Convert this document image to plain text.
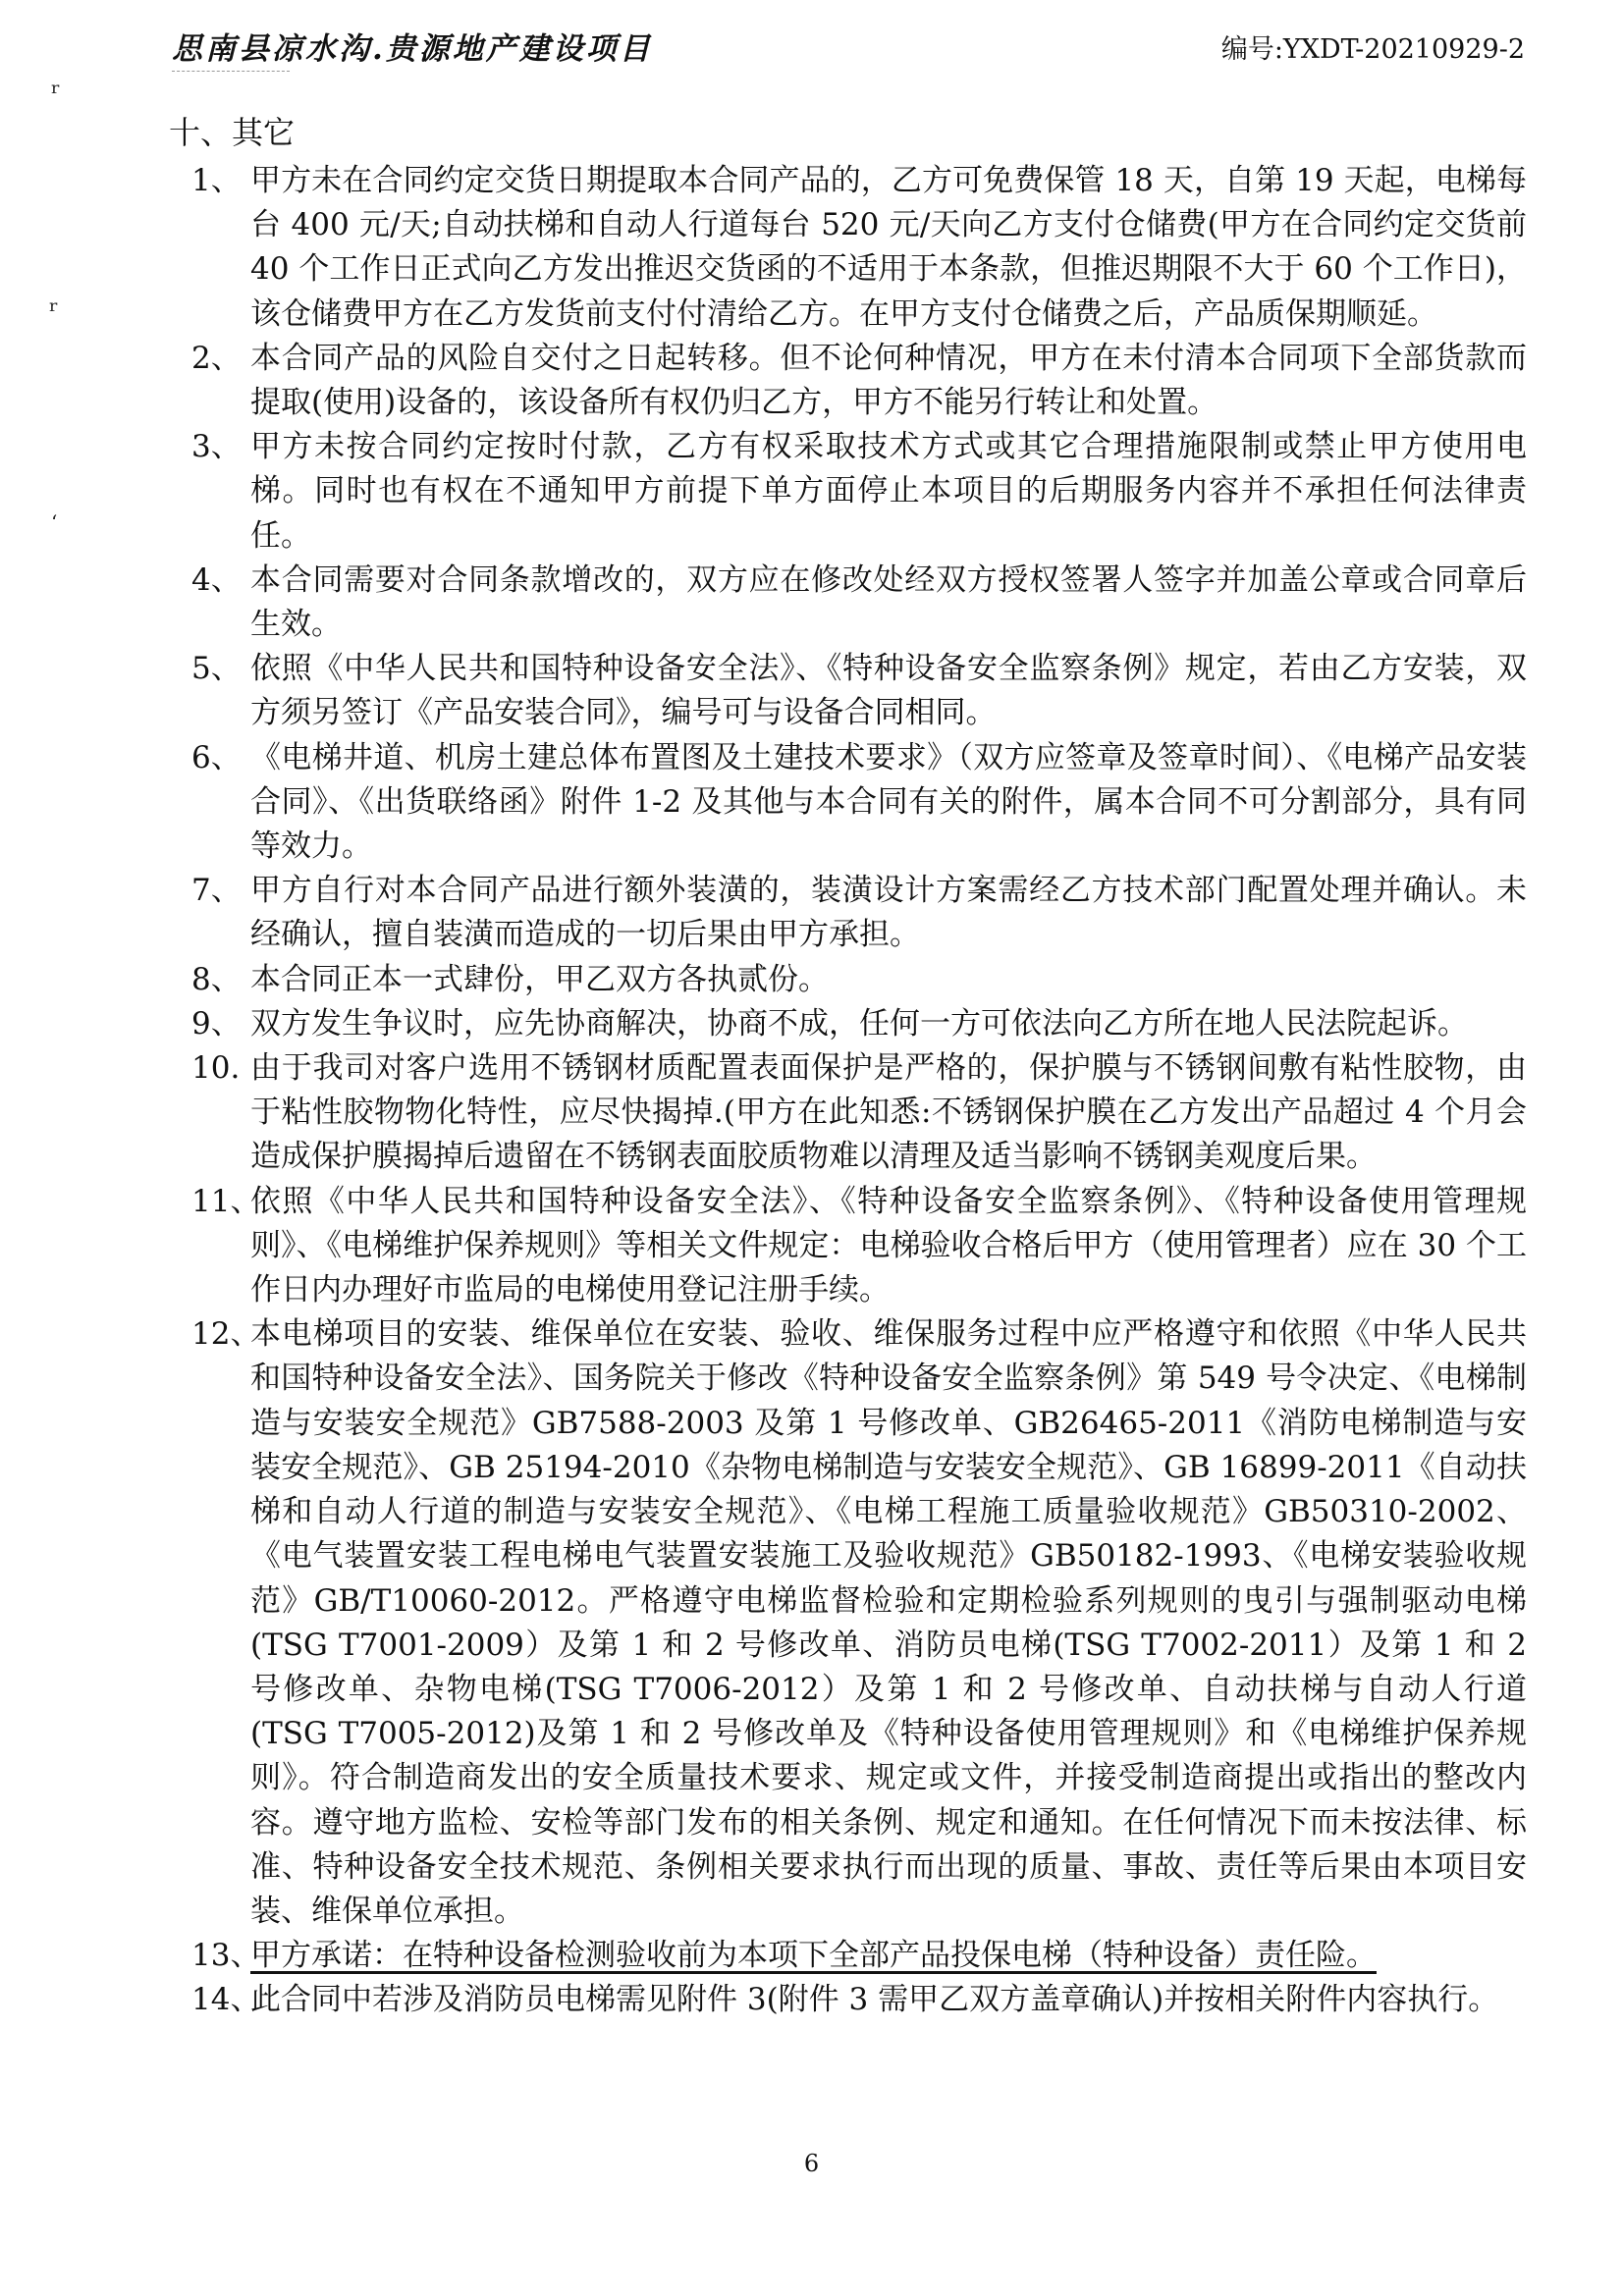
思南县凉水沟.贵源地产建设项目	编号:YXDT-20210929-2
ʳ
ʳ
ʻ
十、其它
1、 甲方未在合同约定交货日期提取本合同产品的，乙方可免费保管 18 天，自第 19 天起，电梯每台 400 元/天;自动扶梯和自动人行道每台 520 元/天向乙方支付仓储费(甲方在合同约定交货前 40 个工作日正式向乙方发出推迟交货函的不适用于本条款，但推迟期限不大于 60 个工作日)，该仓储费甲方在乙方发货前支付付清给乙方。在甲方支付仓储费之后，产品质保期顺延。
2、 本合同产品的风险自交付之日起转移。但不论何种情况，甲方在未付清本合同项下全部货款而提取(使用)设备的，该设备所有权仍归乙方，甲方不能另行转让和处置。
3、 甲方未按合同约定按时付款，乙方有权采取技术方式或其它合理措施限制或禁止甲方使用电梯。同时也有权在不通知甲方前提下单方面停止本项目的后期服务内容并不承担任何法律责任。
4、 本合同需要对合同条款增改的，双方应在修改处经双方授权签署人签字并加盖公章或合同章后生效。
5、 依照《中华人民共和国特种设备安全法》、《特种设备安全监察条例》规定，若由乙方安装，双方须另签订《产品安装合同》，编号可与设备合同相同。
6、 《电梯井道、机房土建总体布置图及土建技术要求》（双方应签章及签章时间）、《电梯产品安装合同》、《出货联络函》附件 1-2 及其他与本合同有关的附件，属本合同不可分割部分，具有同等效力。
7、 甲方自行对本合同产品进行额外装潢的，装潢设计方案需经乙方技术部门配置处理并确认。未经确认，擅自装潢而造成的一切后果由甲方承担。
8、 本合同正本一式肆份，甲乙双方各执贰份。
9、 双方发生争议时，应先协商解决，协商不成，任何一方可依法向乙方所在地人民法院起诉。
10. 由于我司对客户选用不锈钢材质配置表面保护是严格的，保护膜与不锈钢间敷有粘性胶物，由于粘性胶物物化特性，应尽快揭掉.(甲方在此知悉:不锈钢保护膜在乙方发出产品超过 4 个月会造成保护膜揭掉后遗留在不锈钢表面胶质物难以清理及适当影响不锈钢美观度后果。
11、
依照《中华人民共和国特种设备安全法》、《特种设备安全监察条例》、《特种设备使用管理规则》、《电梯维护保养规则》等相关文件规定：电梯验收合格后甲方（使用管理者）应在 30 个工作日内办理好市监局的电梯使用登记注册手续。
12、
本电梯项目的安装、维保单位在安装、验收、维保服务过程中应严格遵守和依照《中华人民共和国特种设备安全法》、国务院关于修改《特种设备安全监察条例》第 549 号令决定、《电梯制造与安装安全规范》GB7588-2003 及第 1 号修改单、GB26465-2011《消防电梯制造与安装安全规范》、GB 25194-2010《杂物电梯制造与安装安全规范》、GB 16899-2011《自动扶梯和自动人行道的制造与安装安全规范》、《电梯工程施工质量验收规范》GB50310-2002、《电气装置安装工程电梯电气装置安装施工及验收规范》GB50182-1993、《电梯安装验收规范》GB/T10060-2012。严格遵守电梯监督检验和定期检验系列规则的曳引与强制驱动电梯(TSG T7001-2009）及第 1 和 2 号修改单、消防员电梯(TSG T7002-2011）及第 1 和 2 号修改单、杂物电梯(TSG T7006-2012）及第 1 和 2 号修改单、自动扶梯与自动人行道(TSG T7005-2012)及第 1 和 2 号修改单及《特种设备使用管理规则》和《电梯维护保养规则》。符合制造商发出的安全质量技术要求、规定或文件，并接受制造商提出或指出的整改内容。遵守地方监检、安检等部门发布的相关条例、规定和通知。在任何情况下而未按法律、标准、特种设备安全技术规范、条例相关要求执行而出现的质量、事故、责任等后果由本项目安装、维保单位承担。
13、
甲方承诺：在特种设备检测验收前为本项下全部产品投保电梯（特种设备）责任险。
14、
此合同中若涉及消防员电梯需见附件 3(附件 3 需甲乙双方盖章确认)并按相关附件内容执行。
6
